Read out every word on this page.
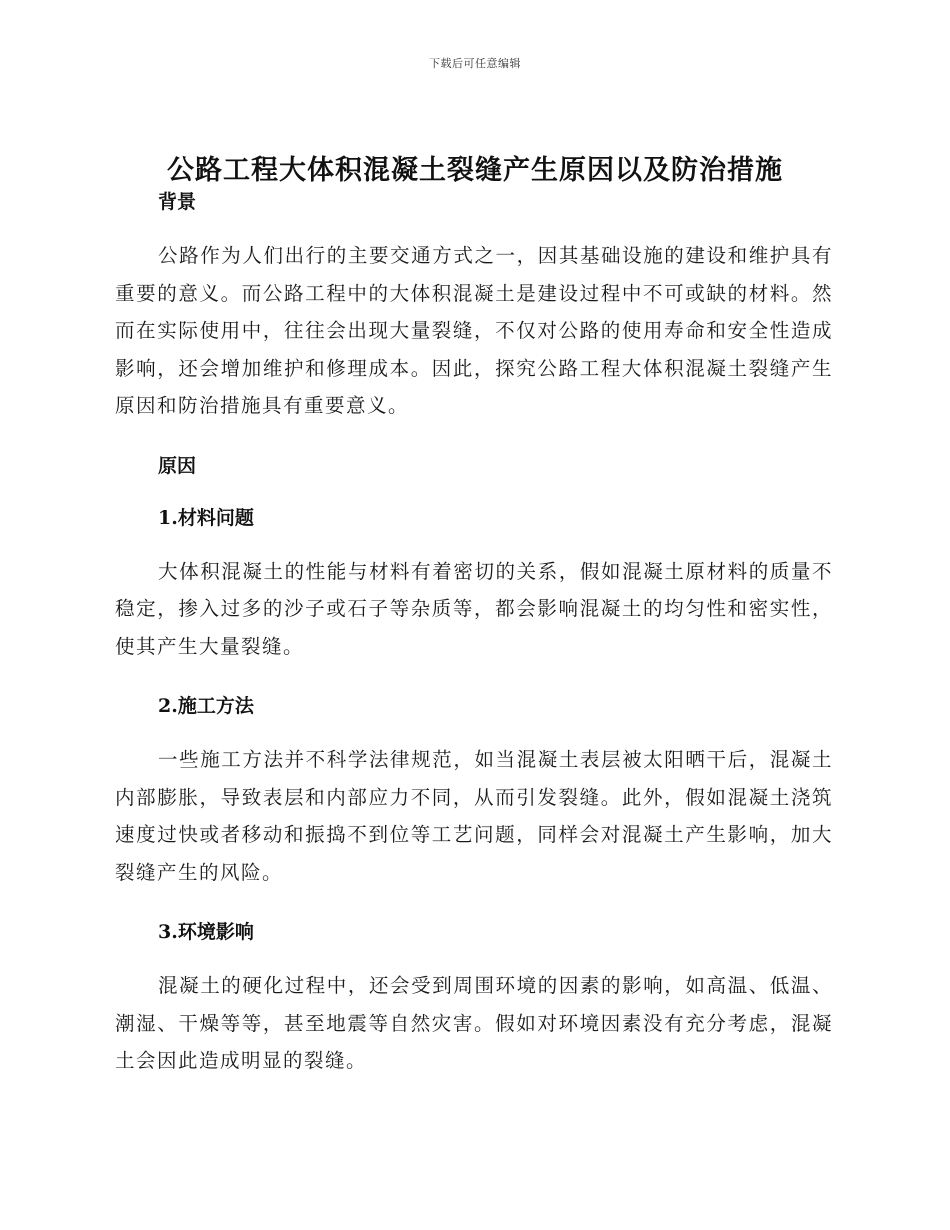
下载后可任意编辑
公路工程大体积混凝土裂缝产生原因以及防治措施
背景

公路作为人们出行的主要交通方式之一，因其基础设施的建设和维护具有重要的意义。而公路工程中的大体积混凝土是建设过程中不可或缺的材料。然而在实际使用中，往往会出现大量裂缝，不仅对公路的使用寿命和安全性造成影响，还会增加维护和修理成本。因此，探究公路工程大体积混凝土裂缝产生原因和防治措施具有重要意义。

原因
1.材料问题

大体积混凝土的性能与材料有着密切的关系，假如混凝土原材料的质量不稳定，掺入过多的沙子或石子等杂质等，都会影响混凝土的均匀性和密实性，使其产生大量裂缝。

2.施工方法

一些施工方法并不科学法律规范，如当混凝土表层被太阳晒干后，混凝土内部膨胀，导致表层和内部应力不同，从而引发裂缝。此外，假如混凝土浇筑速度过快或者移动和振捣不到位等工艺问题，同样会对混凝土产生影响，加大裂缝产生的风险。

3.环境影响

混凝土的硬化过程中，还会受到周围环境的因素的影响，如高温、低温、潮湿、干燥等等，甚至地震等自然灾害。假如对环境因素没有充分考虑，混凝土会因此造成明显的裂缝。
